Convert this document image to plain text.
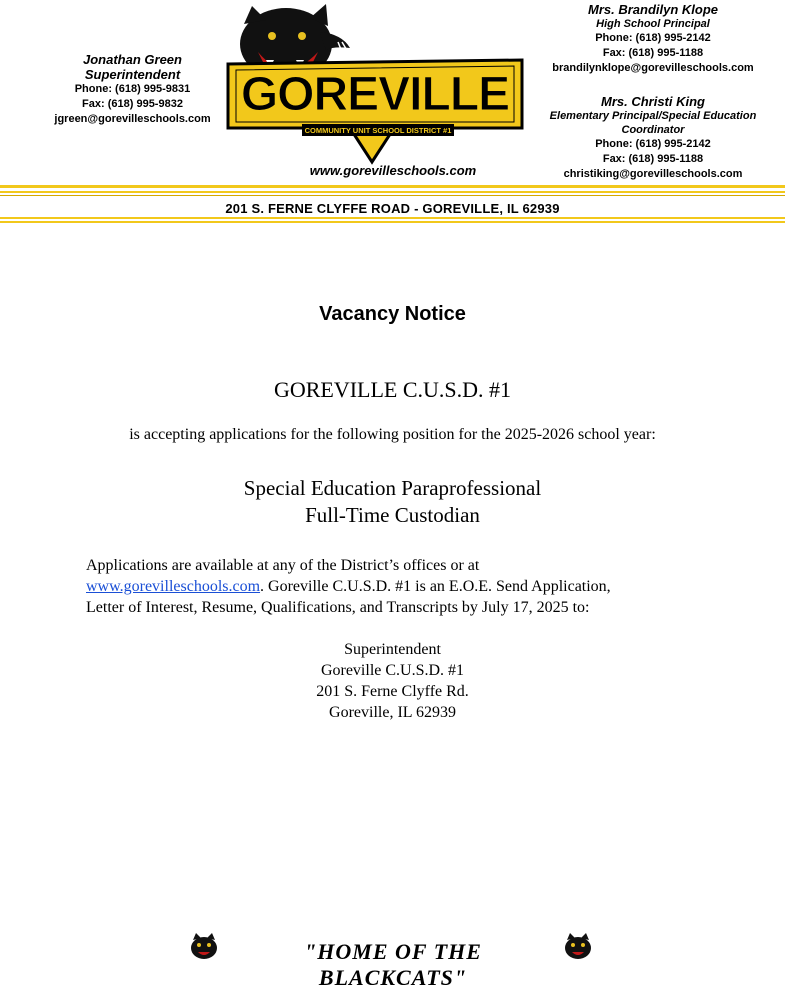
Jonathan Green
Superintendent
Phone: (618) 995-9831
Fax: (618) 995-9832
jgreen@gorevilleschools.com
Mrs. Brandilyn Klope
High School Principal
Phone: (618) 995-2142
Fax: (618) 995-1188
brandilynklope@gorevilleschools.com
Mrs. Christi King
Elementary Principal/Special Education
Coordinator
Phone: (618) 995-2142
Fax: (618) 995-1188
christiking@gorevilleschools.com
GOREVILLE
COMMUNITY UNIT SCHOOL DISTRICT #1
www.gorevilleschools.com
201 S. FERNE CLYFFE ROAD - GOREVILLE, IL 62939
Vacancy Notice
GOREVILLE C.U.S.D. #1
is accepting applications for the following position for the 2025-2026 school year:
Special Education Paraprofessional
Full-Time Custodian
Applications are available at any of the District’s offices or at
www.gorevilleschools.com. Goreville C.U.S.D. #1 is an E.O.E. Send Application,
Letter of Interest, Resume, Qualifications, and Transcripts by July 17, 2025 to:
Superintendent
Goreville C.U.S.D. #1
201 S. Ferne Clyffe Rd.
Goreville, IL 62939
"HOME OF THE BLACKCATS"
